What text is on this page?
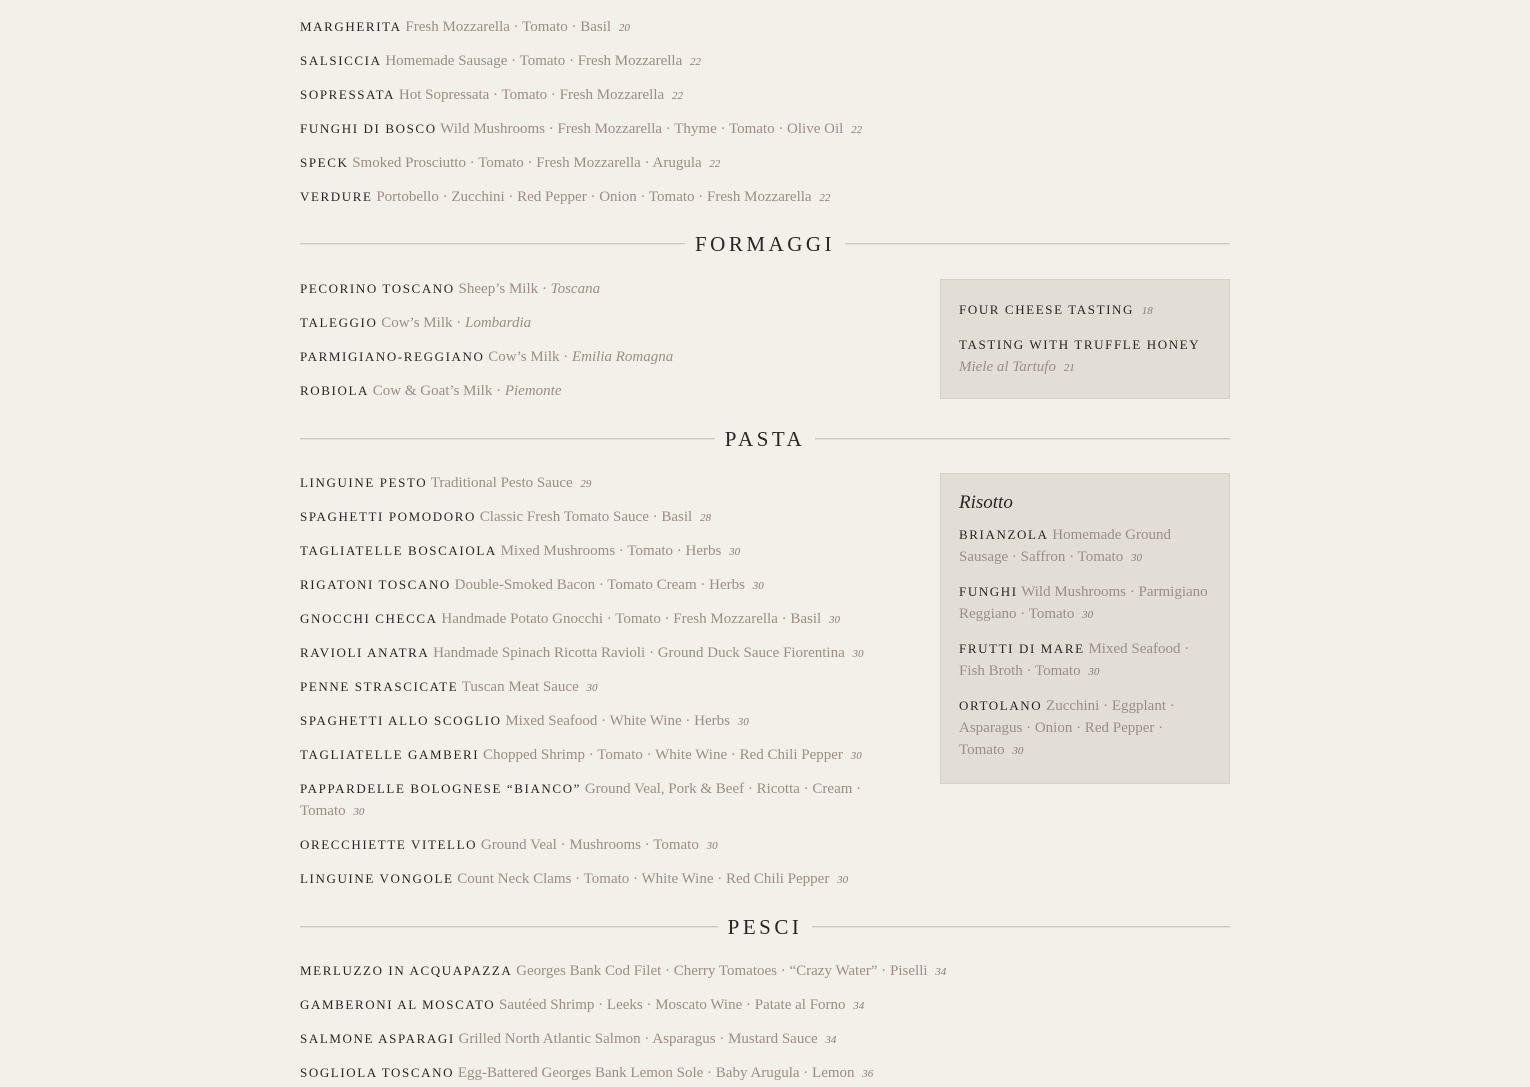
MARGHERITA Fresh Mozzarella · Tomato · Basil 20
SALSICCIA Homemade Sausage · Tomato · Fresh Mozzarella 22
SOPRESSATA Hot Sopressata · Tomato · Fresh Mozzarella 22
FUNGHI DI BOSCO Wild Mushrooms · Fresh Mozzarella · Thyme · Tomato · Olive Oil 22
SPECK Smoked Prosciutto · Tomato · Fresh Mozzarella · Arugula 22
VERDURE Portobello · Zucchini · Red Pepper · Onion · Tomato · Fresh Mozzarella 22
FORMAGGI
PECORINO TOSCANO Sheep’s Milk · Toscana
TALEGGIO Cow’s Milk · Lombardia
PARMIGIANO-REGGIANO Cow’s Milk · Emilia Romagna
ROBIOLA Cow & Goat’s Milk · Piemonte
FOUR CHEESE TASTING 18
TASTING WITH TRUFFLE HONEY
Miele al Tartufo 21
PASTA
LINGUINE PESTO Traditional Pesto Sauce 29
SPAGHETTI POMODORO Classic Fresh Tomato Sauce · Basil 28
TAGLIATELLE BOSCAIOLA Mixed Mushrooms · Tomato · Herbs 30
RIGATONI TOSCANO Double-Smoked Bacon · Tomato Cream · Herbs 30
GNOCCHI CHECCA Handmade Potato Gnocchi · Tomato · Fresh Mozzarella · Basil 30
RAVIOLI ANATRA Handmade Spinach Ricotta Ravioli · Ground Duck Sauce Fiorentina 30
PENNE STRASCICATE Tuscan Meat Sauce 30
SPAGHETTI ALLO SCOGLIO Mixed Seafood · White Wine · Herbs 30
TAGLIATELLE GAMBERI Chopped Shrimp · Tomato · White Wine · Red Chili Pepper 30
PAPPARDELLE BOLOGNESE “BIANCO” Ground Veal, Pork & Beef · Ricotta · Cream · Tomato 30
ORECCHIETTE VITELLO Ground Veal · Mushrooms · Tomato 30
LINGUINE VONGOLE Count Neck Clams · Tomato · White Wine · Red Chili Pepper 30
Risotto
BRIANZOLA Homemade Ground Sausage · Saffron · Tomato 30
FUNGHI Wild Mushrooms · Parmigiano Reggiano · Tomato 30
FRUTTI DI MARE Mixed Seafood · Fish Broth · Tomato 30
ORTOLANO Zucchini · Eggplant · Asparagus · Onion · Red Pepper · Tomato 30
PESCI
MERLUZZO IN ACQUAPAZZA Georges Bank Cod Filet · Cherry Tomatoes · “Crazy Water” · Piselli 34
GAMBERONI AL MOSCATO Sautéed Shrimp · Leeks · Moscato Wine · Patate al Forno 34
SALMONE ASPARAGI Grilled North Atlantic Salmon · Asparagus · Mustard Sauce 34
SOGLIOLA TOSCANO Egg-Battered Georges Bank Lemon Sole · Baby Arugula · Lemon 36
